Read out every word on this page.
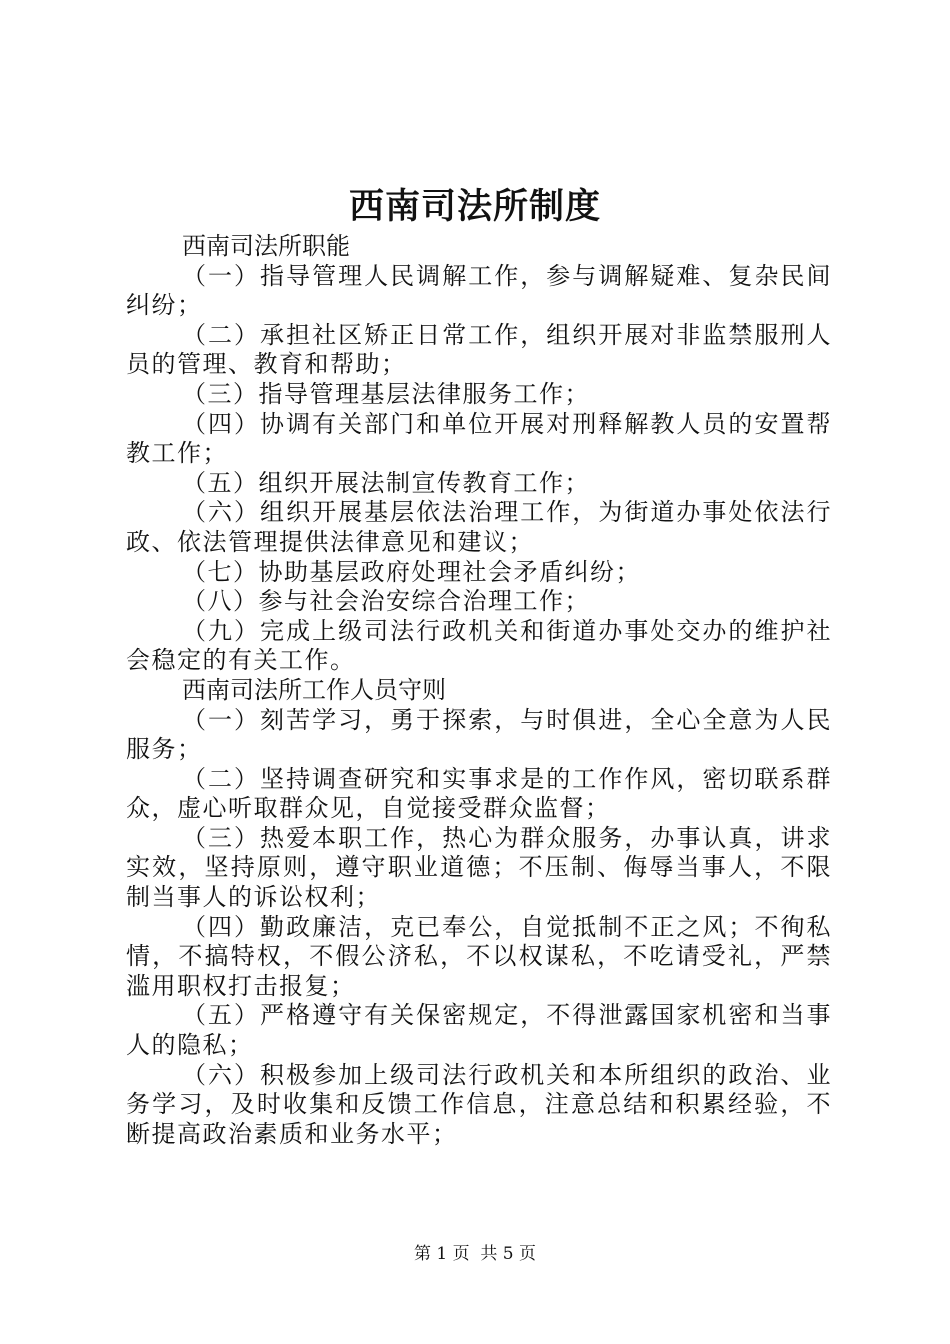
西南司法所制度

西南司法所职能

（一）指导管理人民调解工作，参与调解疑难、复杂民间纠纷；

（二）承担社区矫正日常工作，组织开展对非监禁服刑人员的管理、教育和帮助；

（三）指导管理基层法律服务工作；

（四）协调有关部门和单位开展对刑释解教人员的安置帮教工作；

（五）组织开展法制宣传教育工作；

（六）组织开展基层依法治理工作，为街道办事处依法行政、依法管理提供法律意见和建议；

（七）协助基层政府处理社会矛盾纠纷；

（八）参与社会治安综合治理工作；

（九）完成上级司法行政机关和街道办事处交办的维护社会稳定的有关工作。

西南司法所工作人员守则

（一）刻苦学习，勇于探索，与时俱进，全心全意为人民服务；

（二）坚持调查研究和实事求是的工作作风，密切联系群众，虚心听取群众见，自觉接受群众监督；

（三）热爱本职工作，热心为群众服务，办事认真，讲求实效，坚持原则，遵守职业道德；不压制、侮辱当事人，不限制当事人的诉讼权利；

（四）勤政廉洁，克已奉公，自觉抵制不正之风；不徇私情，不搞特权，不假公济私，不以权谋私，不吃请受礼，严禁滥用职权打击报复；

（五）严格遵守有关保密规定，不得泄露国家机密和当事人的隐私；

（六）积极参加上级司法行政机关和本所组织的政治、业务学习，及时收集和反馈工作信息，注意总结和积累经验，不断提高政治素质和业务水平；

第 1 页  共 5 页
